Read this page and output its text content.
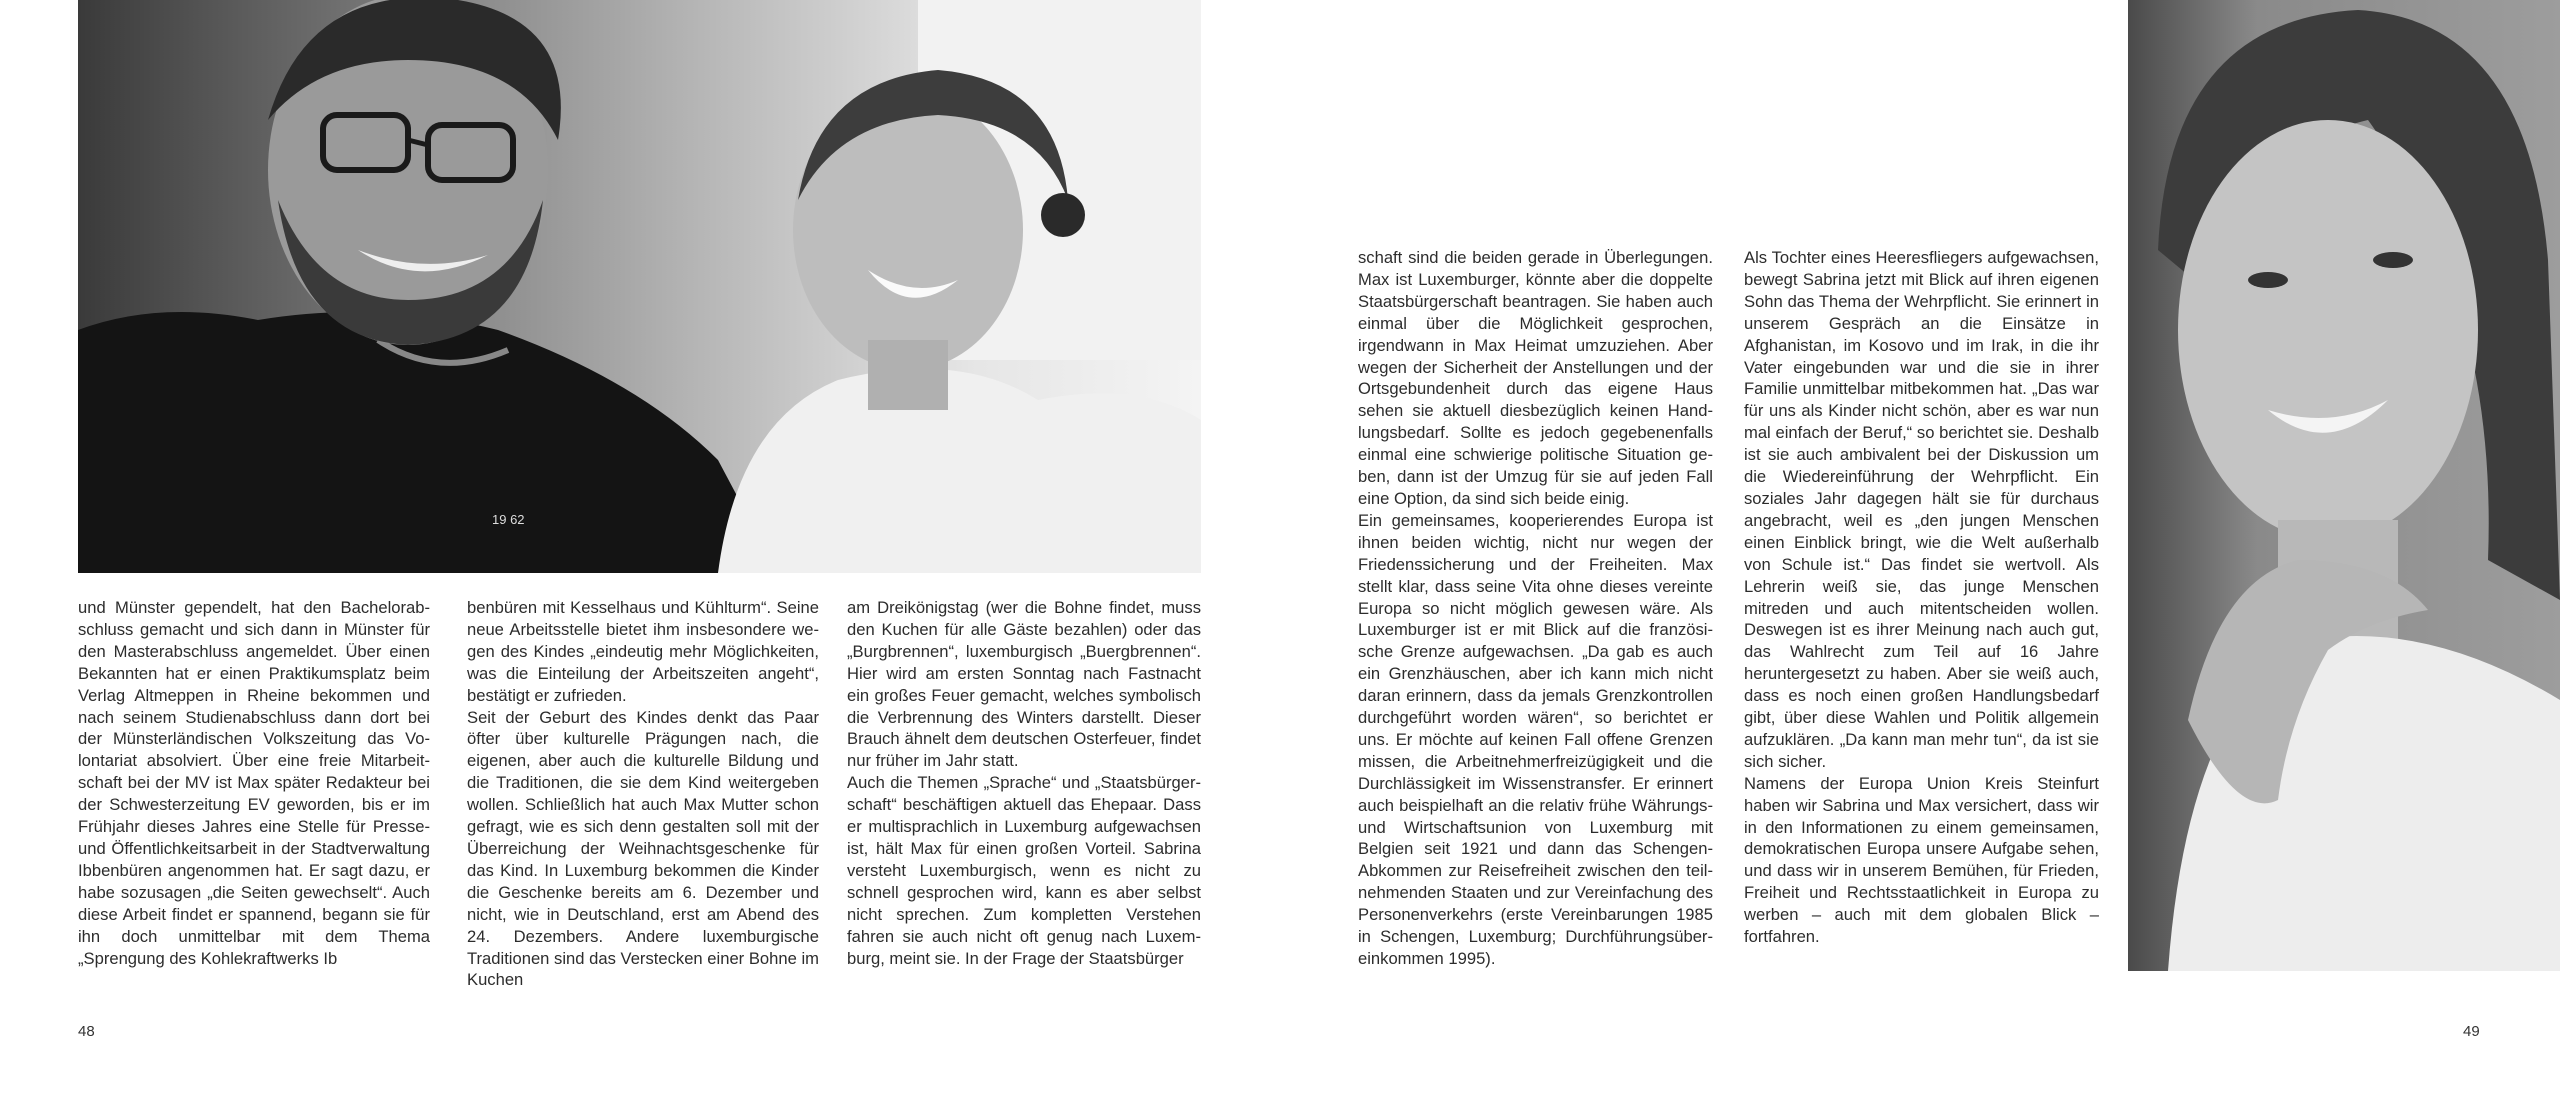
19 62

und Münster gependelt, hat den Bachelorabschluss gemacht und sich dann in Münster für den Masterabschluss angemeldet. Über einen Bekannten hat er einen Praktikumsplatz beim Verlag Altmeppen in Rheine bekommen und nach seinem Studienabschluss dann dort bei der Münsterländischen Volkszeitung das Volontariat absolviert. Über eine freie Mitarbeitschaft bei der MV ist Max später Redakteur bei der Schwesterzeitung EV geworden, bis er im Frühjahr dieses Jahres eine Stelle für Presse- und Öffentlichkeitsarbeit in der Stadtverwaltung Ibbenbüren angenommen hat. Er sagt dazu, er habe sozusagen „die Seiten gewechselt“. Auch diese Arbeit findet er spannend, begann sie für ihn doch unmittelbar mit dem Thema „Sprengung des Kohlekraftwerks Ib

benbüren mit Kesselhaus und Kühlturm“. Seine neue Arbeitsstelle bietet ihm insbesondere wegen des Kindes „eindeutig mehr Möglichkeiten, was die Einteilung der Arbeitszeiten angeht“, bestätigt er zufrieden.

Seit der Geburt des Kindes denkt das Paar öfter über kulturelle Prägungen nach, die eigenen, aber auch die kulturelle Bildung und die Traditionen, die sie dem Kind weitergeben wollen. Schließlich hat auch Max Mutter schon gefragt, wie es sich denn gestalten soll mit der Überreichung der Weihnachtsgeschenke für das Kind. In Luxemburg bekommen die Kinder die Geschenke bereits am 6. Dezember und nicht, wie in Deutschland, erst am Abend des 24. Dezembers. Andere luxemburgische Traditionen sind das Verstecken einer Bohne im Kuchen

am Dreikönigstag (wer die Bohne findet, muss den Kuchen für alle Gäste bezahlen) oder das „Burgbrennen“, luxemburgisch „Buergbrennen“. Hier wird am ersten Sonntag nach Fastnacht ein großes Feuer gemacht, welches symbolisch die Verbrennung des Winters darstellt. Dieser Brauch ähnelt dem deutschen Osterfeuer, findet nur früher im Jahr statt.

Auch die Themen „Sprache“ und „Staatsbürgerschaft“ beschäftigen aktuell das Ehepaar. Dass er multisprachlich in Luxemburg aufgewachsen ist, hält Max für einen großen Vorteil. Sabrina versteht Luxemburgisch, wenn es nicht zu schnell gesprochen wird, kann es aber selbst nicht sprechen. Zum kompletten Verstehen fahren sie auch nicht oft genug nach Luxemburg, meint sie. In der Frage der Staatsbürger

schaft sind die beiden gerade in Überlegungen. Max ist Luxemburger, könnte aber die doppelte Staatsbürgerschaft beantragen. Sie haben auch einmal über die Möglichkeit gesprochen, irgendwann in Max Heimat umzuziehen. Aber wegen der Sicherheit der Anstellungen und der Ortsgebundenheit durch das eigene Haus sehen sie aktuell diesbezüglich keinen Handlungsbedarf. Sollte es jedoch gegebenenfalls einmal eine schwierige politische Situation geben, dann ist der Umzug für sie auf jeden Fall eine Option, da sind sich beide einig.

Ein gemeinsames, kooperierendes Europa ist ihnen beiden wichtig, nicht nur wegen der Friedenssicherung und der Freiheiten. Max stellt klar, dass seine Vita ohne dieses vereinte Europa so nicht möglich gewesen wäre. Als Luxemburger ist er mit Blick auf die französische Grenze aufgewachsen. „Da gab es auch ein Grenzhäuschen, aber ich kann mich nicht daran erinnern, dass da jemals Grenzkontrollen durchgeführt worden wären“, so berichtet er uns. Er möchte auf keinen Fall offene Grenzen missen, die Arbeitnehmerfreizügigkeit und die Durchlässigkeit im Wissenstransfer. Er erinnert auch beispielhaft an die relativ frühe Währungs- und Wirtschaftsunion von Luxemburg mit Belgien seit 1921 und dann das Schengen-Abkommen zur Reisefreiheit zwischen den teilnehmenden Staaten und zur Vereinfachung des Personenverkehrs (erste Vereinbarungen 1985 in Schengen, Luxemburg; Durchführungsübereinkommen 1995).

Als Tochter eines Heeresfliegers aufgewachsen, bewegt Sabrina jetzt mit Blick auf ihren eigenen Sohn das Thema der Wehrpflicht. Sie erinnert in unserem Gespräch an die Einsätze in Afghanistan, im Kosovo und im Irak, in die ihr Vater eingebunden war und die sie in ihrer Familie unmittelbar mitbekommen hat. „Das war für uns als Kinder nicht schön, aber es war nun mal einfach der Beruf,“ so berichtet sie. Deshalb ist sie auch ambivalent bei der Diskussion um die Wiedereinführung der Wehrpflicht. Ein soziales Jahr dagegen hält sie für durchaus angebracht, weil es „den jungen Menschen einen Einblick bringt, wie die Welt außerhalb von Schule ist.“ Das findet sie wertvoll. Als Lehrerin weiß sie, das junge Menschen mitreden und auch mitentscheiden wollen. Deswegen ist es ihrer Meinung nach auch gut, das Wahlrecht zum Teil auf 16 Jahre heruntergesetzt zu haben. Aber sie weiß auch, dass es noch einen großen Handlungsbedarf gibt, über diese Wahlen und Politik allgemein aufzuklären. „Da kann man mehr tun“, da ist sie sich sicher.

Namens der Europa Union Kreis Steinfurt haben wir Sabrina und Max versichert, dass wir in den Informationen zu einem gemeinsamen, demokratischen Europa unsere Aufgabe sehen, und dass wir in unserem Bemühen, für Frieden, Freiheit und Rechtsstaatlichkeit in Europa zu werben – auch mit dem globalen Blick – fortfahren.

48	49
